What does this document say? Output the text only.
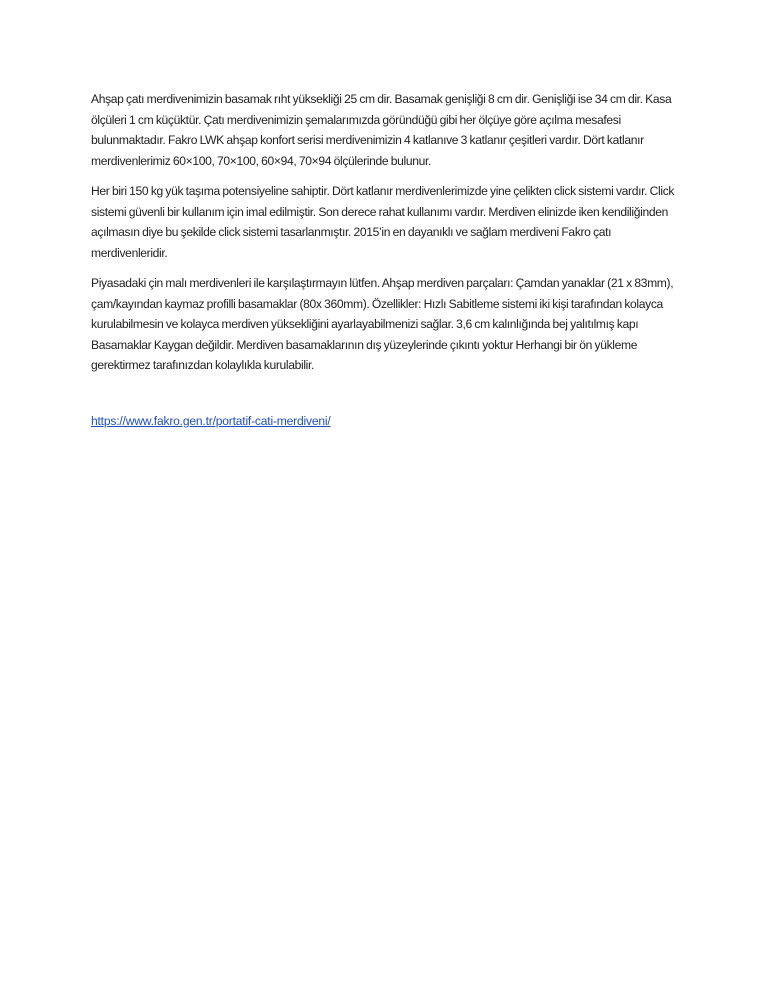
Ahşap çatı merdivenimizin basamak rıht yüksekliği 25 cm dir. Basamak genişliği 8 cm dir. Genişliği ise 34 cm dir. Kasa ölçüleri 1 cm küçüktür. Çatı merdivenimizin şemalarımızda göründüğü gibi her ölçüye göre açılma mesafesi bulunmaktadır. Fakro LWK ahşap konfort serisi merdivenimizin 4 katlanıve 3 katlanır çeşitleri vardır. Dört katlanır merdivenlerimiz 60×100, 70×100, 60×94, 70×94 ölçülerinde bulunur.

Her biri 150 kg yük taşıma potensiyeline sahiptir. Dört katlanır merdivenlerimizde yine çelikten click sistemi vardır. Click sistemi güvenli bir kullanım için imal edilmiştir. Son derece rahat kullanımı vardır. Merdiven elinizde iken kendiliğinden açılmasın diye bu şekilde click sistemi tasarlanmıştır. 2015’in en dayanıklı ve sağlam merdiveni Fakro çatı merdivenleridir.

Piyasadaki çin malı merdivenleri ile karşılaştırmayın lütfen. Ahşap merdiven parçaları: Çamdan yanaklar (21 x 83mm), çam/kayından kaymaz profilli basamaklar (80x 360mm). Özellikler: Hızlı Sabitleme sistemi iki kişi tarafından kolayca kurulabilmesin ve kolayca merdiven yüksekliğini ayarlayabilmenizi sağlar. 3,6 cm kalınlığında bej yalıtılmış kapı Basamaklar Kaygan değildir. Merdiven basamaklarının dış yüzeylerinde çıkıntı yoktur Herhangi bir ön yükleme gerektirmez tarafınızdan kolaylıkla kurulabilir.

https://www.fakro.gen.tr/portatif-cati-merdiveni/
